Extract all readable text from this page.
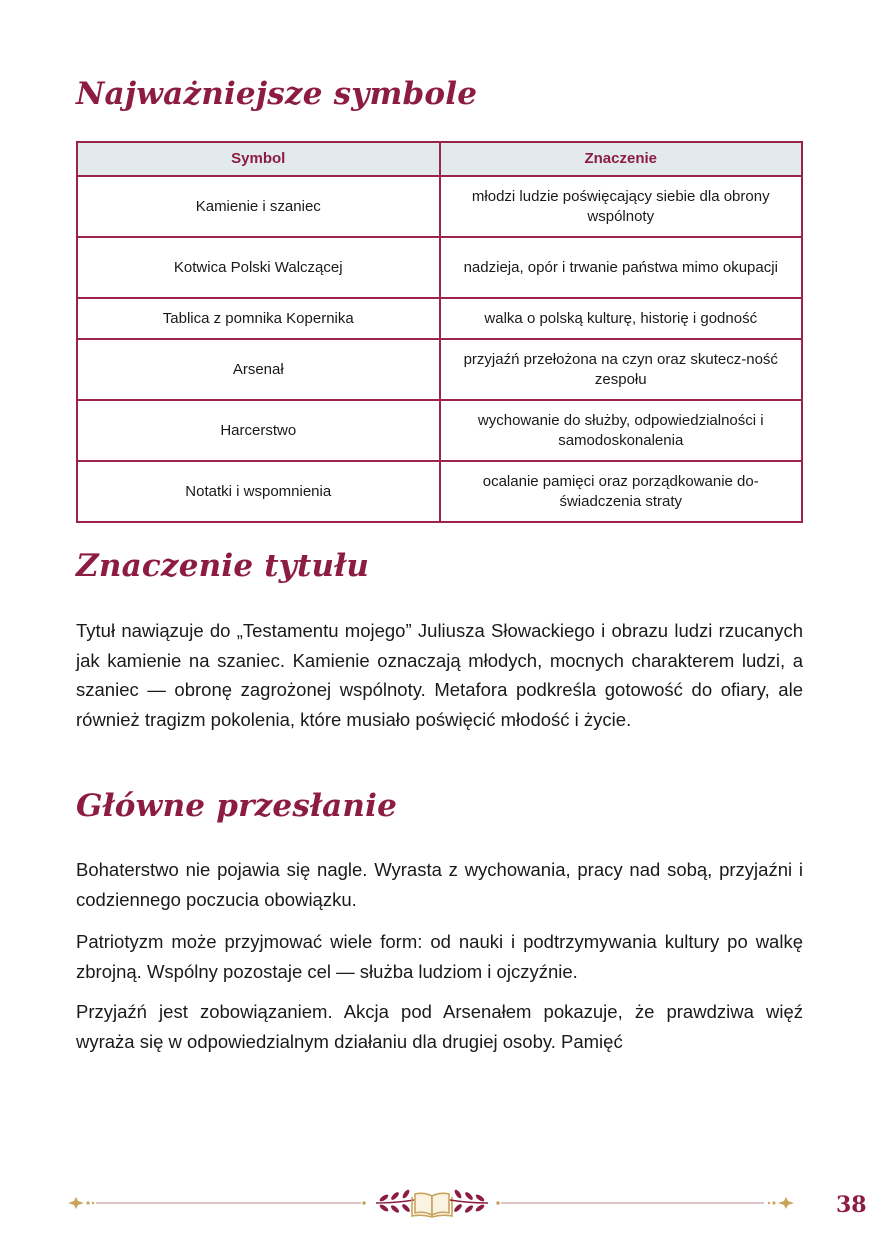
Najważniejsze symbole
Symbol	Znaczenie
Kamienie i szaniec	młodzi ludzie poświęcający siebie dla obrony wspólnoty
Kotwica Polski Walczącej	nadzieja, opór i trwanie państwa mimo okupacji
Tablica z pomnika Kopernika	walka o polską kulturę, historię i godność
Arsenał	przyjaźń przełożona na czyn oraz skutecz-ność zespołu
Harcerstwo	wychowanie do służby, odpowiedzialności i samodoskonalenia
Notatki i wspomnienia	ocalanie pamięci oraz porządkowanie do-świadczenia straty
Znaczenie tytułu

Tytuł nawiązuje do „Testamentu mojego” Juliusza Słowackiego i obrazu ludzi rzucanych jak kamienie na szaniec. Kamienie oznaczają młodych, mocnych charakterem ludzi, a szaniec — obronę zagrożonej wspólnoty. Metafora podkreśla gotowość do ofiary, ale również tragizm pokolenia, które musiało poświęcić młodość i życie.

Główne przesłanie

Bohaterstwo nie pojawia się nagle. Wyrasta z wychowania, pracy nad sobą, przyjaźni i codziennego poczucia obowiązku.

Patriotyzm może przyjmować wiele form: od nauki i podtrzymywania kultury po walkę zbrojną. Wspólny pozostaje cel — służba ludziom i ojczyźnie.

Przyjaźń jest zobowiązaniem. Akcja pod Arsenałem pokazuje, że prawdziwa więź wyraża się w odpowiedzialnym działaniu dla drugiej osoby. Pamięć

38
